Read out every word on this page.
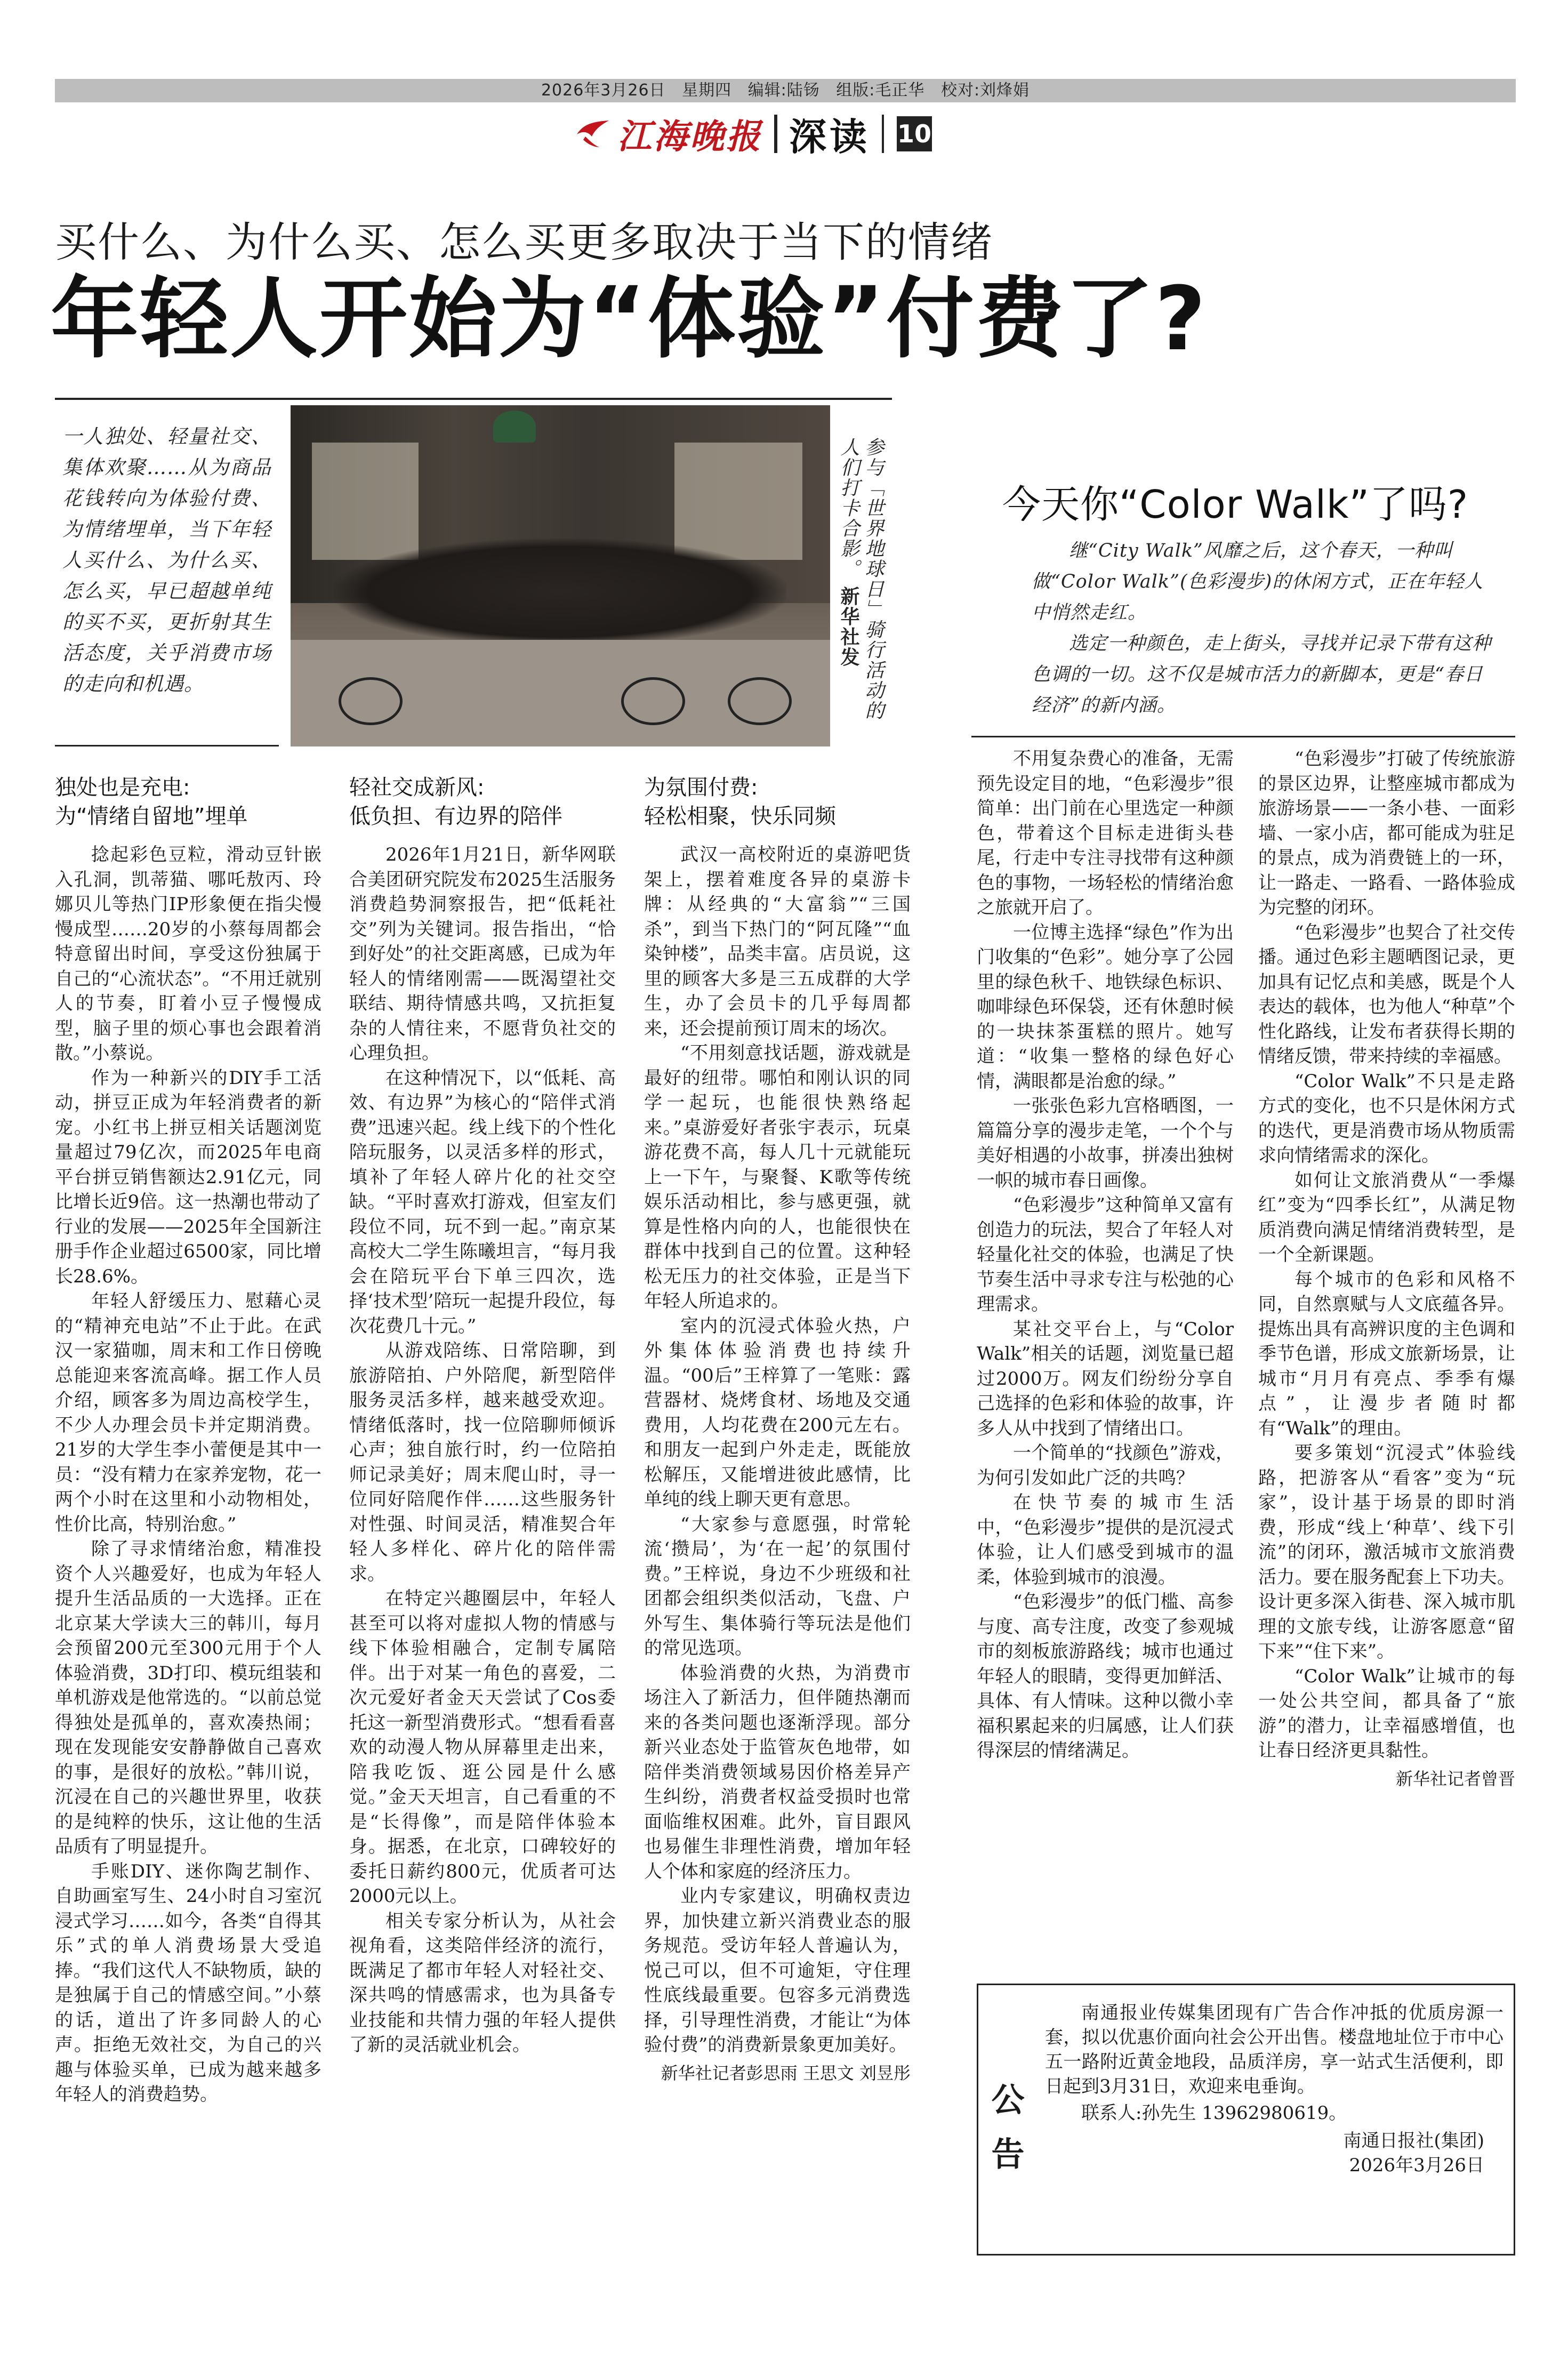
2026年3月26日 星期四 编辑:陆钖 组版:毛正华 校对:刘烽娟
江海晚报 深读 10
买什么、为什么买、怎么买更多取决于当下的情绪
年轻人开始为“体验”付费了?

一人独处、轻量社交、集体欢聚……从为商品花钱转向为体验付费、为情绪埋单，当下年轻人买什么、为什么买、怎么买，早已超越单纯的买不买，更折射其生活态度，关乎消费市场的走向和机遇。	参与「世界地球日」骑行活动的人们打卡合影。 新华社发
今天你“Color Walk”了吗?

继“City Walk”风靡之后，这个春天，一种叫做“Color Walk”(色彩漫步)的休闲方式，正在年轻人中悄然走红。

选定一种颜色，走上街头，寻找并记录下带有这种色调的一切。这不仅是城市活力的新脚本，更是“春日经济”的新内涵。

独处也是充电:
为“情绪自留地”埋单

捻起彩色豆粒，滑动豆针嵌入孔洞，凯蒂猫、哪吒敖丙、玲娜贝儿等热门IP形象便在指尖慢慢成型……20岁的小蔡每周都会特意留出时间，享受这份独属于自己的“心流状态”。“不用迁就别人的节奏，盯着小豆子慢慢成型，脑子里的烦心事也会跟着消散。”小蔡说。

作为一种新兴的DIY手工活动，拼豆正成为年轻消费者的新宠。小红书上拼豆相关话题浏览量超过79亿次，而2025年电商平台拼豆销售额达2.91亿元，同比增长近9倍。这一热潮也带动了行业的发展——2025年全国新注册手作企业超过6500家，同比增长28.6%。

年轻人舒缓压力、慰藉心灵的“精神充电站”不止于此。在武汉一家猫咖，周末和工作日傍晚总能迎来客流高峰。据工作人员介绍，顾客多为周边高校学生，不少人办理会员卡并定期消费。21岁的大学生李小蕾便是其中一员：“没有精力在家养宠物，花一两个小时在这里和小动物相处，性价比高，特别治愈。”

除了寻求情绪治愈，精准投资个人兴趣爱好，也成为年轻人提升生活品质的一大选择。正在北京某大学读大三的韩川，每月会预留200元至300元用于个人体验消费，3D打印、模玩组装和单机游戏是他常选的。“以前总觉得独处是孤单的，喜欢凑热闹；现在发现能安安静静做自己喜欢的事，是很好的放松。”韩川说，沉浸在自己的兴趣世界里，收获的是纯粹的快乐，这让他的生活品质有了明显提升。

手账DIY、迷你陶艺制作、自助画室写生、24小时自习室沉浸式学习……如今，各类“自得其乐”式的单人消费场景大受追捧。“我们这代人不缺物质，缺的是独属于自己的情感空间。”小蔡的话，道出了许多同龄人的心声。拒绝无效社交，为自己的兴趣与体验买单，已成为越来越多年轻人的消费趋势。

轻社交成新风:
低负担、有边界的陪伴

2026年1月21日，新华网联合美团研究院发布2025生活服务消费趋势洞察报告，把“低耗社交”列为关键词。报告指出，“恰到好处”的社交距离感，已成为年轻人的情绪刚需——既渴望社交联结、期待情感共鸣，又抗拒复杂的人情往来，不愿背负社交的心理负担。

在这种情况下，以“低耗、高效、有边界”为核心的“陪伴式消费”迅速兴起。线上线下的个性化陪玩服务，以灵活多样的形式，填补了年轻人碎片化的社交空缺。“平时喜欢打游戏，但室友们段位不同，玩不到一起。”南京某高校大二学生陈曦坦言，“每月我会在陪玩平台下单三四次，选择‘技术型’陪玩一起提升段位，每次花费几十元。”

从游戏陪练、日常陪聊，到旅游陪拍、户外陪爬，新型陪伴服务灵活多样，越来越受欢迎。情绪低落时，找一位陪聊师倾诉心声；独自旅行时，约一位陪拍师记录美好；周末爬山时，寻一位同好陪爬作伴……这些服务针对性强、时间灵活，精准契合年轻人多样化、碎片化的陪伴需求。

在特定兴趣圈层中，年轻人甚至可以将对虚拟人物的情感与线下体验相融合，定制专属陪伴。出于对某一角色的喜爱，二次元爱好者金天天尝试了Cos委托这一新型消费形式。“想看看喜欢的动漫人物从屏幕里走出来，陪我吃饭、逛公园是什么感觉。”金天天坦言，自己看重的不是“长得像”，而是陪伴体验本身。据悉，在北京，口碑较好的委托日薪约800元，优质者可达2000元以上。

相关专家分析认为，从社会视角看，这类陪伴经济的流行，既满足了都市年轻人对轻社交、深共鸣的情感需求，也为具备专业技能和共情力强的年轻人提供了新的灵活就业机会。

为氛围付费:
轻松相聚，快乐同频

武汉一高校附近的桌游吧货架上，摆着难度各异的桌游卡牌：从经典的“大富翁”“三国杀”，到当下热门的“阿瓦隆”“血染钟楼”，品类丰富。店员说，这里的顾客大多是三五成群的大学生，办了会员卡的几乎每周都来，还会提前预订周末的场次。

“不用刻意找话题，游戏就是最好的纽带。哪怕和刚认识的同学一起玩，也能很快熟络起来。”桌游爱好者张宇表示，玩桌游花费不高，每人几十元就能玩上一下午，与聚餐、K歌等传统娱乐活动相比，参与感更强，就算是性格内向的人，也能很快在群体中找到自己的位置。这种轻松无压力的社交体验，正是当下年轻人所追求的。

室内的沉浸式体验火热，户外集体体验消费也持续升温。“00后”王梓算了一笔账：露营器材、烧烤食材、场地及交通费用，人均花费在200元左右。和朋友一起到户外走走，既能放松解压，又能增进彼此感情，比单纯的线上聊天更有意思。

“大家参与意愿强，时常轮流‘攒局’，为‘在一起’的氛围付费。”王梓说，身边不少班级和社团都会组织类似活动，飞盘、户外写生、集体骑行等玩法是他们的常见选项。

体验消费的火热，为消费市场注入了新活力，但伴随热潮而来的各类问题也逐渐浮现。部分新兴业态处于监管灰色地带，如陪伴类消费领域易因价格差异产生纠纷，消费者权益受损时也常面临维权困难。此外，盲目跟风也易催生非理性消费，增加年轻人个体和家庭的经济压力。

业内专家建议，明确权责边界，加快建立新兴消费业态的服务规范。受访年轻人普遍认为，悦己可以，但不可逾矩，守住理性底线最重要。包容多元消费选择，引导理性消费，才能让“为体验付费”的消费新景象更加美好。

新华社记者彭思雨 王思文 刘昱彤

不用复杂费心的准备，无需预先设定目的地，“色彩漫步”很简单：出门前在心里选定一种颜色，带着这个目标走进街头巷尾，行走中专注寻找带有这种颜色的事物，一场轻松的情绪治愈之旅就开启了。

一位博主选择“绿色”作为出门收集的“色彩”。她分享了公园里的绿色秋千、地铁绿色标识、咖啡绿色环保袋，还有休憩时候的一块抹茶蛋糕的照片。她写道：“收集一整格的绿色好心情，满眼都是治愈的绿。”

一张张色彩九宫格晒图，一篇篇分享的漫步走笔，一个个与美好相遇的小故事，拼凑出独树一帜的城市春日画像。

“色彩漫步”这种简单又富有创造力的玩法，契合了年轻人对轻量化社交的体验，也满足了快节奏生活中寻求专注与松弛的心理需求。

某社交平台上，与“Color Walk”相关的话题，浏览量已超过2000万。网友们纷纷分享自己选择的色彩和体验的故事，许多人从中找到了情绪出口。

一个简单的“找颜色”游戏，为何引发如此广泛的共鸣？

在快节奏的城市生活中，“色彩漫步”提供的是沉浸式体验，让人们感受到城市的温柔，体验到城市的浪漫。

“色彩漫步”的低门槛、高参与度、高专注度，改变了参观城市的刻板旅游路线；城市也通过年轻人的眼睛，变得更加鲜活、具体、有人情味。这种以微小幸福积累起来的归属感，让人们获得深层的情绪满足。

“色彩漫步”打破了传统旅游的景区边界，让整座城市都成为旅游场景——一条小巷、一面彩墙、一家小店，都可能成为驻足的景点，成为消费链上的一环，让一路走、一路看、一路体验成为完整的闭环。

“色彩漫步”也契合了社交传播。通过色彩主题晒图记录，更加具有记忆点和美感，既是个人表达的载体，也为他人“种草”个性化路线，让发布者获得长期的情绪反馈，带来持续的幸福感。

“Color Walk”不只是走路方式的变化，也不只是休闲方式的迭代，更是消费市场从物质需求向情绪需求的深化。

如何让文旅消费从“一季爆红”变为“四季长红”，从满足物质消费向满足情绪消费转型，是一个全新课题。

每个城市的色彩和风格不同，自然禀赋与人文底蕴各异。提炼出具有高辨识度的主色调和季节色谱，形成文旅新场景，让城市“月月有亮点、季季有爆点”，让漫步者随时都有“Walk”的理由。

要多策划“沉浸式”体验线路，把游客从“看客”变为“玩家”，设计基于场景的即时消费，形成“线上‘种草’、线下引流”的闭环，激活城市文旅消费活力。要在服务配套上下功夫。设计更多深入街巷、深入城市肌理的文旅专线，让游客愿意“留下来”“住下来”。

“Color Walk”让城市的每一处公共空间，都具备了“旅游”的潜力，让幸福感增值，也让春日经济更具黏性。

新华社记者曾晋
公告

南通报业传媒集团现有广告合作冲抵的优质房源一套，拟以优惠价面向社会公开出售。楼盘地址位于市中心五一路附近黄金地段，品质洋房，享一站式生活便利，即日起到3月31日，欢迎来电垂询。

联系人:孙先生 13962980619。
南通日报社(集团)
2026年3月26日
